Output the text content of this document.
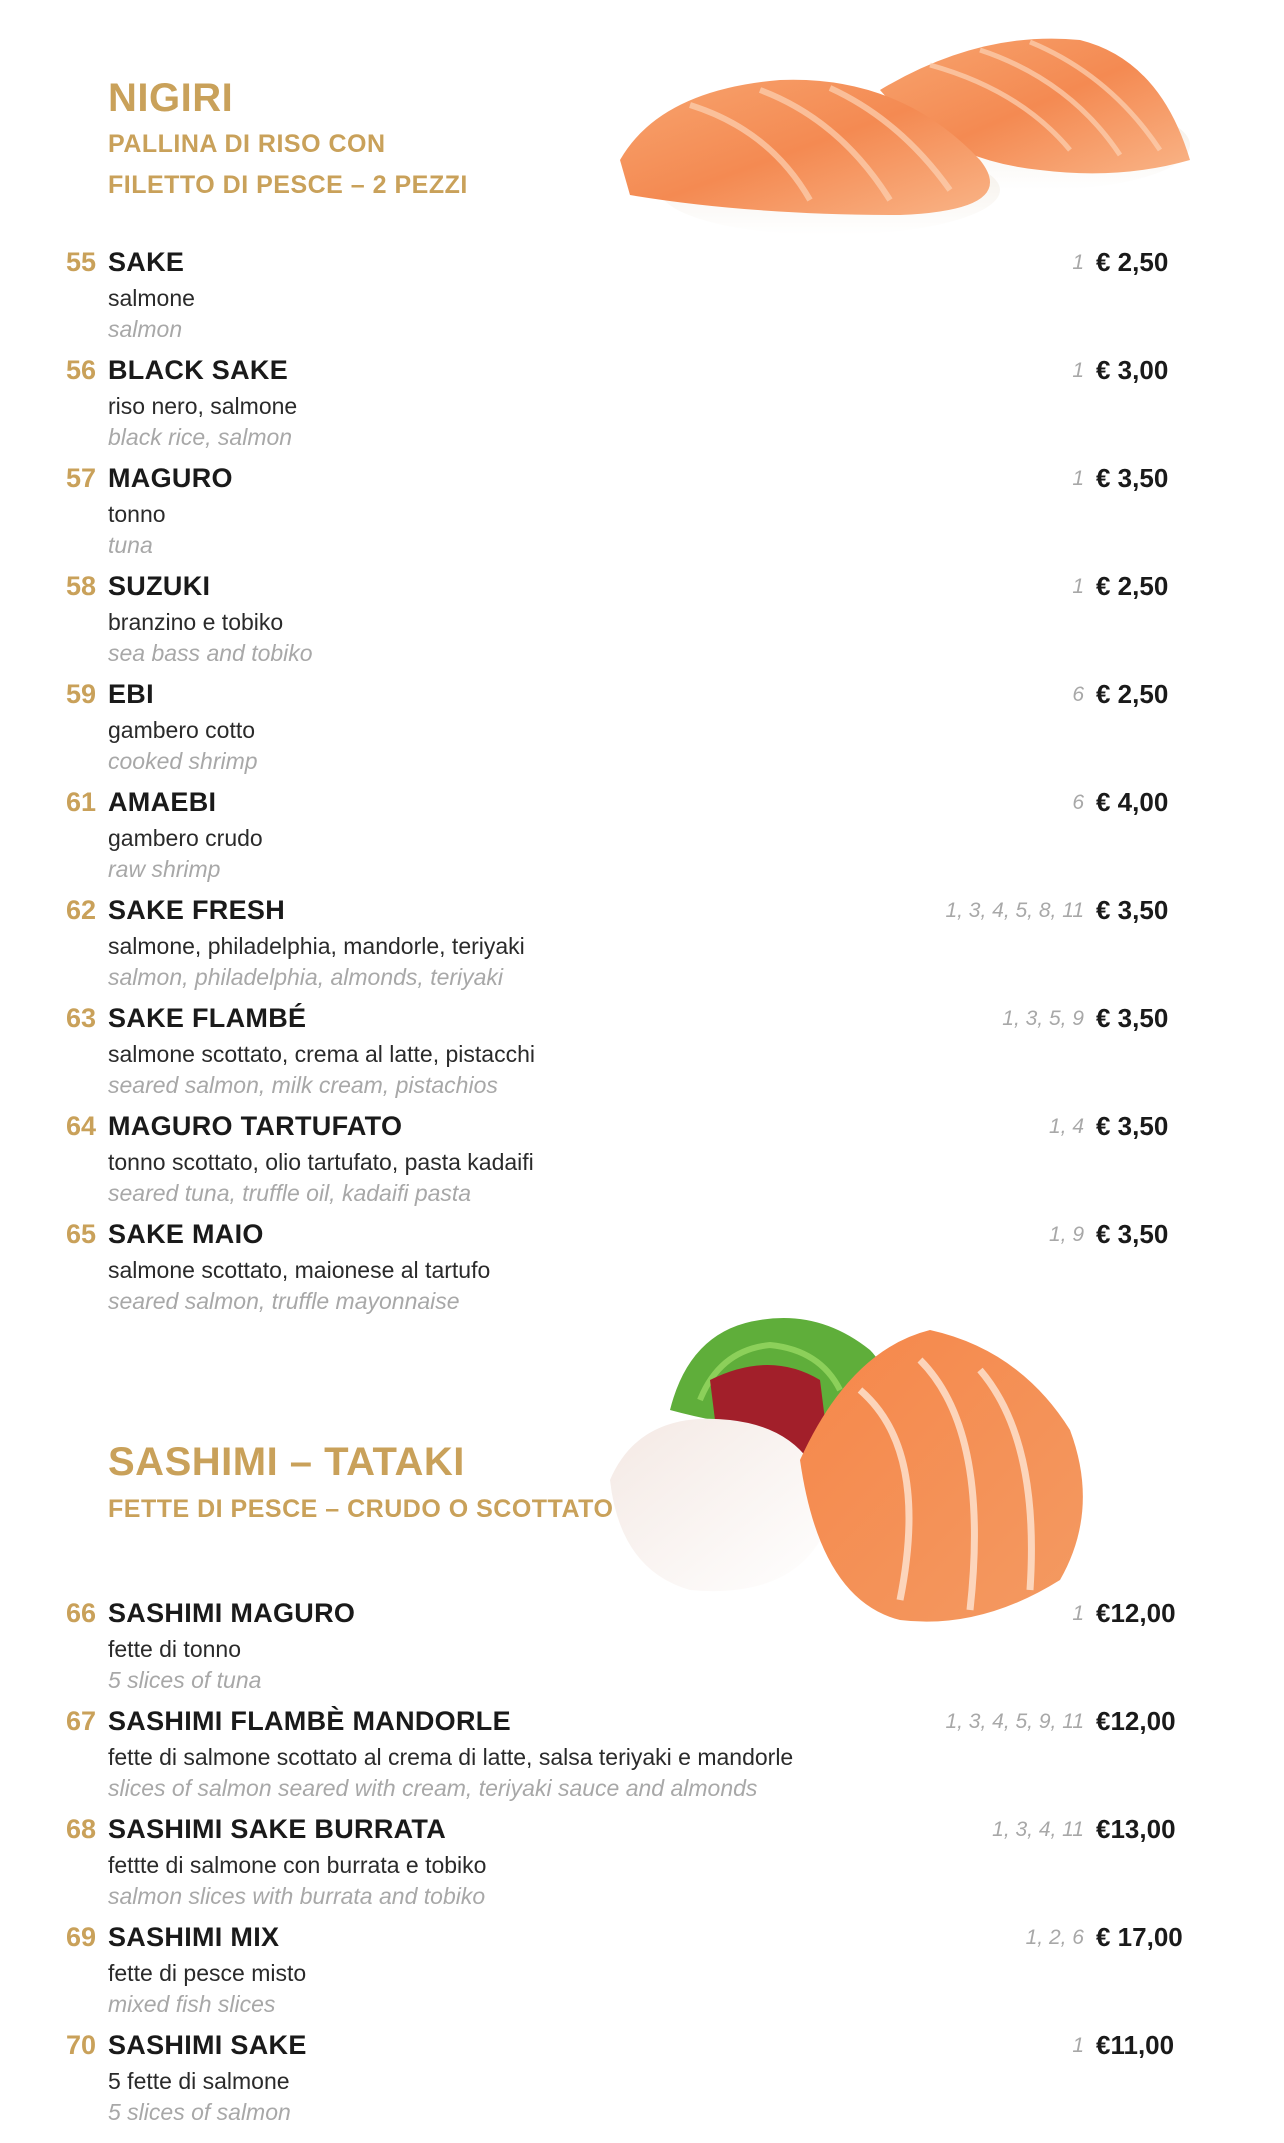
NIGIRI
PALLINA DI RISO CON
FILETTO DI PESCE – 2 PEZZI
55 SAKE
salmone
salmon
1 € 2,50
56 BLACK SAKE
riso nero, salmone
black rice, salmon
1 € 3,00
57 MAGURO
tonno
tuna
1 € 3,50
58 SUZUKI
branzino e tobiko
sea bass and tobiko
1 € 2,50
59 EBI
gambero cotto
cooked shrimp
6 € 2,50
61 AMAEBI
gambero crudo
raw shrimp
6 € 4,00
62 SAKE FRESH
salmone, philadelphia, mandorle, teriyaki
salmon, philadelphia, almonds, teriyaki
1, 3, 4, 5, 8, 11 € 3,50
63 SAKE FLAMBÉ
salmone scottato, crema al latte, pistacchi
seared salmon, milk cream, pistachios
1, 3, 5, 9 € 3,50
64 MAGURO TARTUFATO
tonno scottato, olio tartufato, pasta kadaifi
seared tuna, truffle oil, kadaifi pasta
1, 4 € 3,50
65 SAKE MAIO
salmone scottato, maionese al tartufo
seared salmon, truffle mayonnaise
1, 9 € 3,50
SASHIMI – TATAKI
FETTE DI PESCE – CRUDO O SCOTTATO
66 SASHIMI MAGURO
fette di tonno
5 slices of tuna
1 €12,00
67 SASHIMI FLAMBÈ MANDORLE
fette di salmone scottato al crema di latte, salsa teriyaki e mandorle
slices of salmon seared with cream, teriyaki sauce and almonds
1, 3, 4, 5, 9, 11 €12,00
68 SASHIMI SAKE BURRATA
fettte di salmone con burrata e tobiko
salmon slices with burrata and tobiko
1, 3, 4, 11 €13,00
69 SASHIMI MIX
fette di pesce misto
mixed fish slices
1, 2, 6 € 17,00
70 SASHIMI SAKE
5 fette di salmone
5 slices of salmon
1 €11,00
